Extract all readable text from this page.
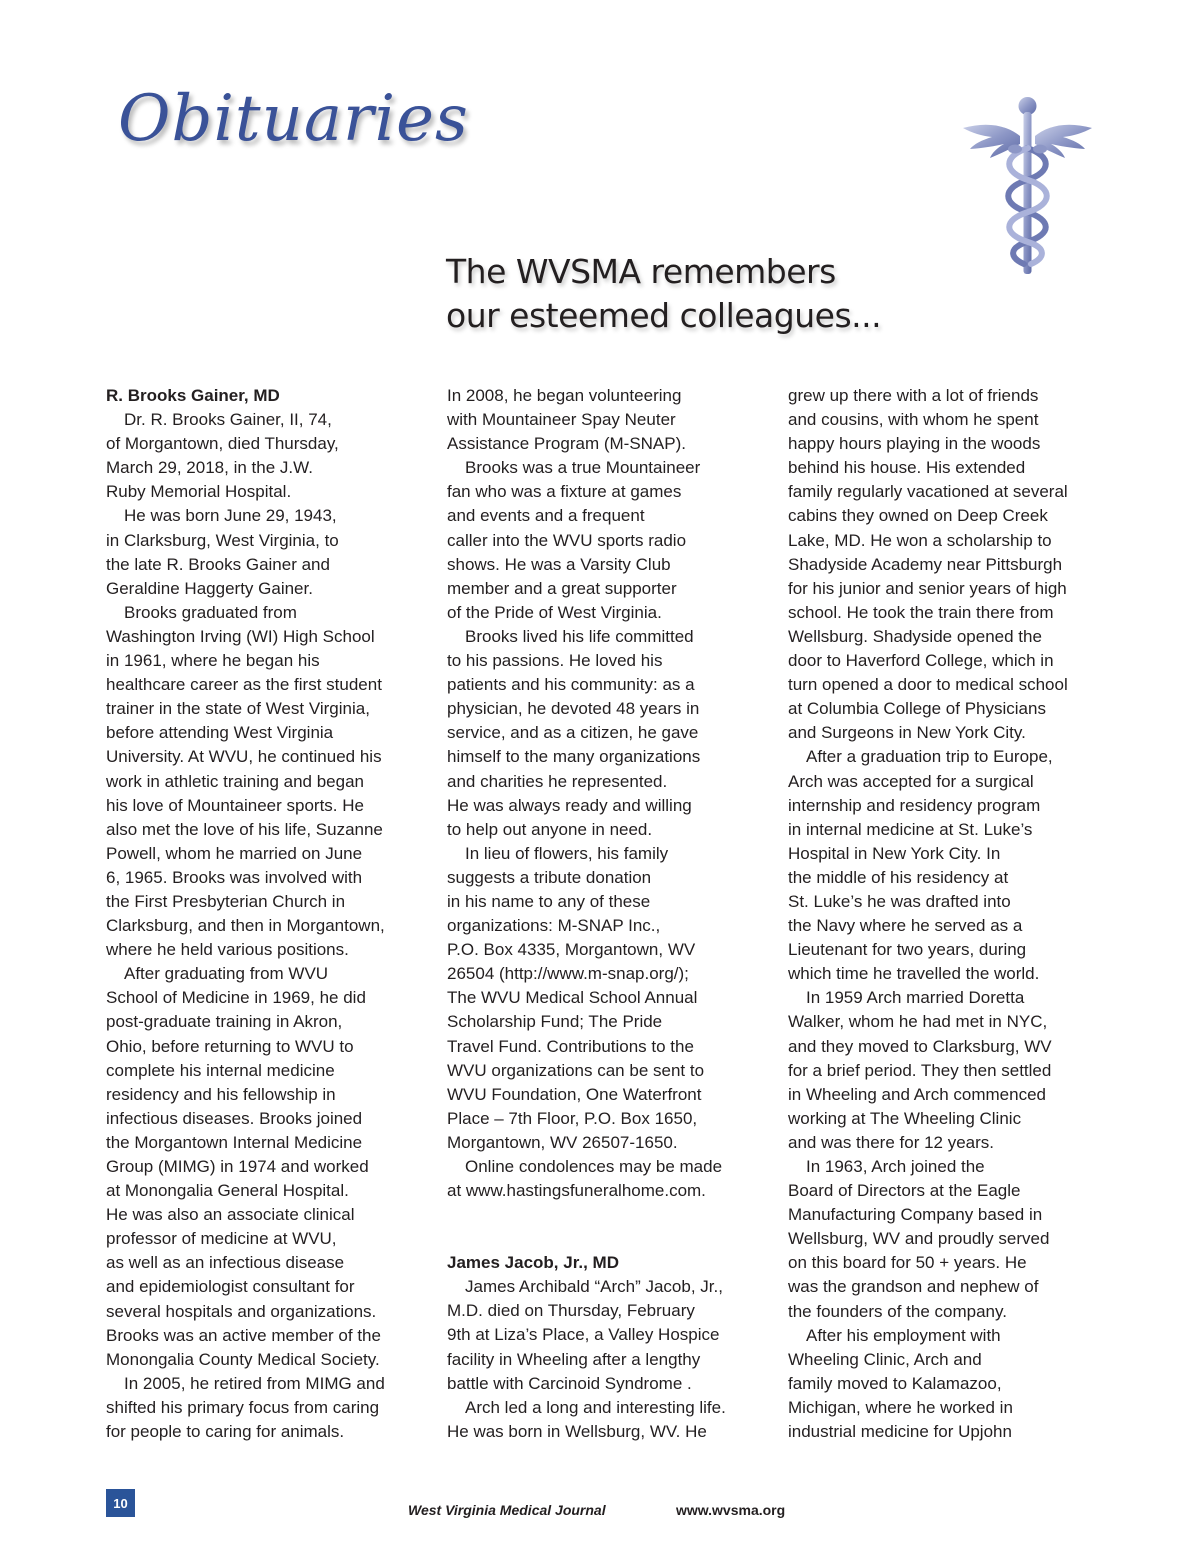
Obituaries
The WVSMA remembers
our esteemed colleagues...
R. Brooks Gainer, MD
Dr. R. Brooks Gainer, II, 74,
of Morgantown, died Thursday,
March 29, 2018, in the J.W.
Ruby Memorial Hospital.
He was born June 29, 1943,
in Clarksburg, West Virginia, to
the late R. Brooks Gainer and
Geraldine Haggerty Gainer.
Brooks graduated from
Washington Irving (WI) High School
in 1961, where he began his
healthcare career as the first student
trainer in the state of West Virginia,
before attending West Virginia
University. At WVU, he continued his
work in athletic training and began
his love of Mountaineer sports. He
also met the love of his life, Suzanne
Powell, whom he married on June
6, 1965. Brooks was involved with
the First Presbyterian Church in
Clarksburg, and then in Morgantown,
where he held various positions.
After graduating from WVU
School of Medicine in 1969, he did
post-graduate training in Akron,
Ohio, before returning to WVU to
complete his internal medicine
residency and his fellowship in
infectious diseases. Brooks joined
the Morgantown Internal Medicine
Group (MIMG) in 1974 and worked
at Monongalia General Hospital.
He was also an associate clinical
professor of medicine at WVU,
as well as an infectious disease
and epidemiologist consultant for
several hospitals and organizations.
Brooks was an active member of the
Monongalia County Medical Society.
In 2005, he retired from MIMG and
shifted his primary focus from caring
for people to caring for animals.
In 2008, he began volunteering
with Mountaineer Spay Neuter
Assistance Program (M-SNAP).
Brooks was a true Mountaineer
fan who was a fixture at games
and events and a frequent
caller into the WVU sports radio
shows. He was a Varsity Club
member and a great supporter
of the Pride of West Virginia.
Brooks lived his life committed
to his passions. He loved his
patients and his community: as a
physician, he devoted 48 years in
service, and as a citizen, he gave
himself to the many organizations
and charities he represented.
He was always ready and willing
to help out anyone in need.
In lieu of flowers, his family
suggests a tribute donation
in his name to any of these
organizations: M-SNAP Inc.,
P.O. Box 4335, Morgantown, WV
26504 (http://www.m-snap.org/);
The WVU Medical School Annual
Scholarship Fund; The Pride
Travel Fund. Contributions to the
WVU organizations can be sent to
WVU Foundation, One Waterfront
Place – 7th Floor, P.O. Box 1650,
Morgantown, WV 26507-1650.
Online condolences may be made
at www.hastingsfuneralhome.com.
James Jacob, Jr., MD
James Archibald “Arch” Jacob, Jr.,
M.D. died on Thursday, February
9th at Liza’s Place, a Valley Hospice
facility in Wheeling after a lengthy
battle with Carcinoid Syndrome .
Arch led a long and interesting life.
He was born in Wellsburg, WV. He
grew up there with a lot of friends
and cousins, with whom he spent
happy hours playing in the woods
behind his house. His extended
family regularly vacationed at several
cabins they owned on Deep Creek
Lake, MD. He won a scholarship to
Shadyside Academy near Pittsburgh
for his junior and senior years of high
school. He took the train there from
Wellsburg. Shadyside opened the
door to Haverford College, which in
turn opened a door to medical school
at Columbia College of Physicians
and Surgeons in New York City.
After a graduation trip to Europe,
Arch was accepted for a surgical
internship and residency program
in internal medicine at St. Luke’s
Hospital in New York City. In
the middle of his residency at
St. Luke’s he was drafted into
the Navy where he served as a
Lieutenant for two years, during
which time he travelled the world.
In 1959 Arch married Doretta
Walker, whom he had met in NYC,
and they moved to Clarksburg, WV
for a brief period. They then settled
in Wheeling and Arch commenced
working at The Wheeling Clinic
and was there for 12 years.
In 1963, Arch joined the
Board of Directors at the Eagle
Manufacturing Company based in
Wellsburg, WV and proudly served
on this board for 50 + years. He
was the grandson and nephew of
the founders of the company.
After his employment with
Wheeling Clinic, Arch and
family moved to Kalamazoo,
Michigan, where he worked in
industrial medicine for Upjohn
10	West Virginia Medical Journal	www.wvsma.org
